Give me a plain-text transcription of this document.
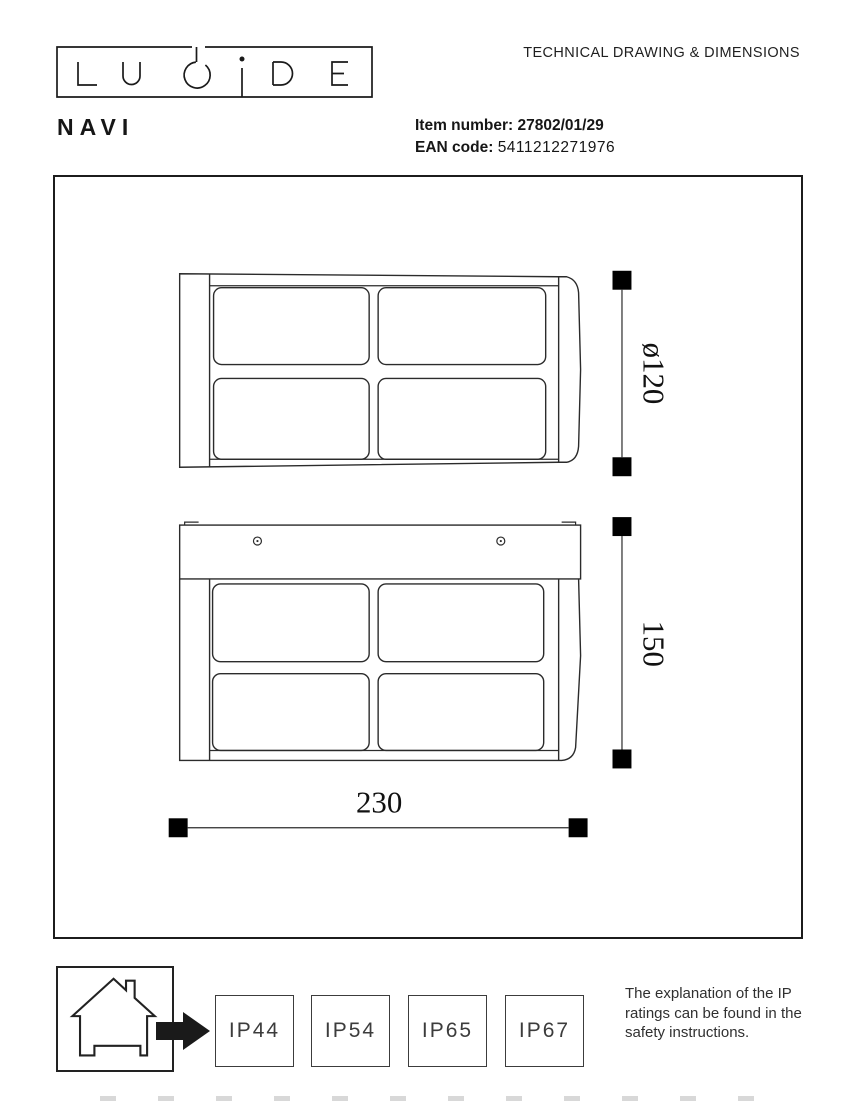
TECHNICAL DRAWING & DIMENSIONS
NAVI	Item number: 27802/01/29
EAN code: 5411212271976
ø120
150
230
IP44	IP54	IP65	IP67
The explanation of the IP ratings can be found in the safety instructions.
